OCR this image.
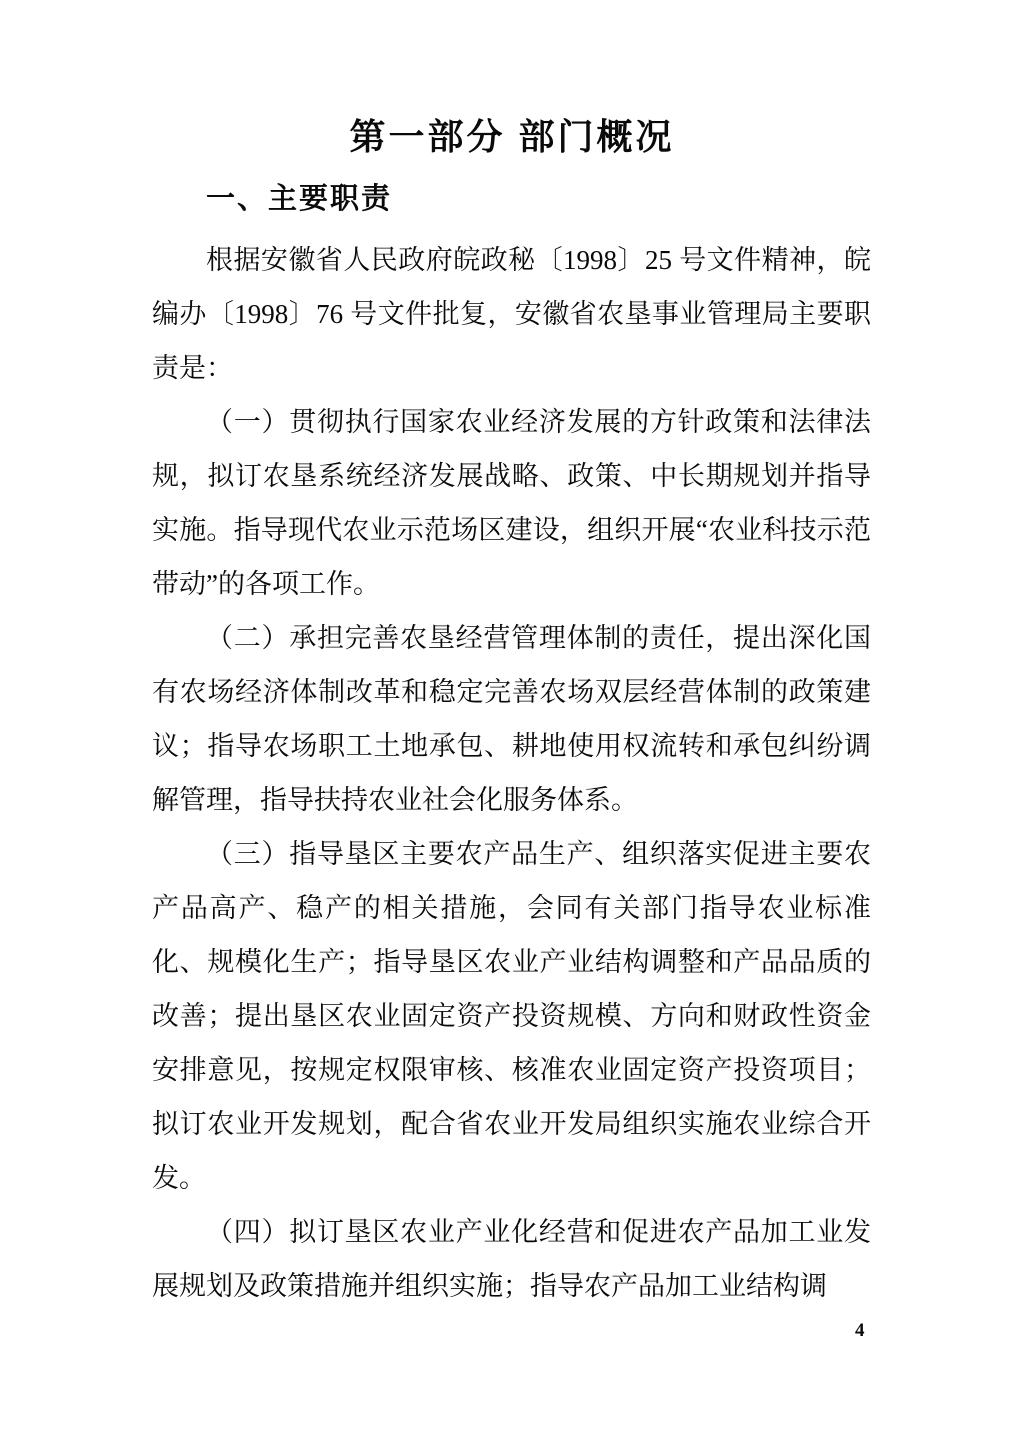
第一部分 部门概况
一、主要职责

根据安徽省人民政府皖政秘〔1998〕25 号文件精神，皖编办〔1998〕76 号文件批复，安徽省农垦事业管理局主要职责是：

（一）贯彻执行国家农业经济发展的方针政策和法律法规，拟订农垦系统经济发展战略、政策、中长期规划并指导实施。指导现代农业示范场区建设，组织开展“农业科技示范带动”的各项工作。

（二）承担完善农垦经营管理体制的责任，提出深化国有农场经济体制改革和稳定完善农场双层经营体制的政策建议；指导农场职工土地承包、耕地使用权流转和承包纠纷调解管理，指导扶持农业社会化服务体系。

（三）指导垦区主要农产品生产、组织落实促进主要农产品高产、稳产的相关措施，会同有关部门指导农业标准化、规模化生产；指导垦区农业产业结构调整和产品品质的改善；提出垦区农业固定资产投资规模、方向和财政性资金安排意见，按规定权限审核、核准农业固定资产投资项目；拟订农业开发规划，配合省农业开发局组织实施农业综合开发。

（四）拟订垦区农业产业化经营和促进农产品加工业发展规划及政策措施并组织实施；指导农产品加工业结构调

4
